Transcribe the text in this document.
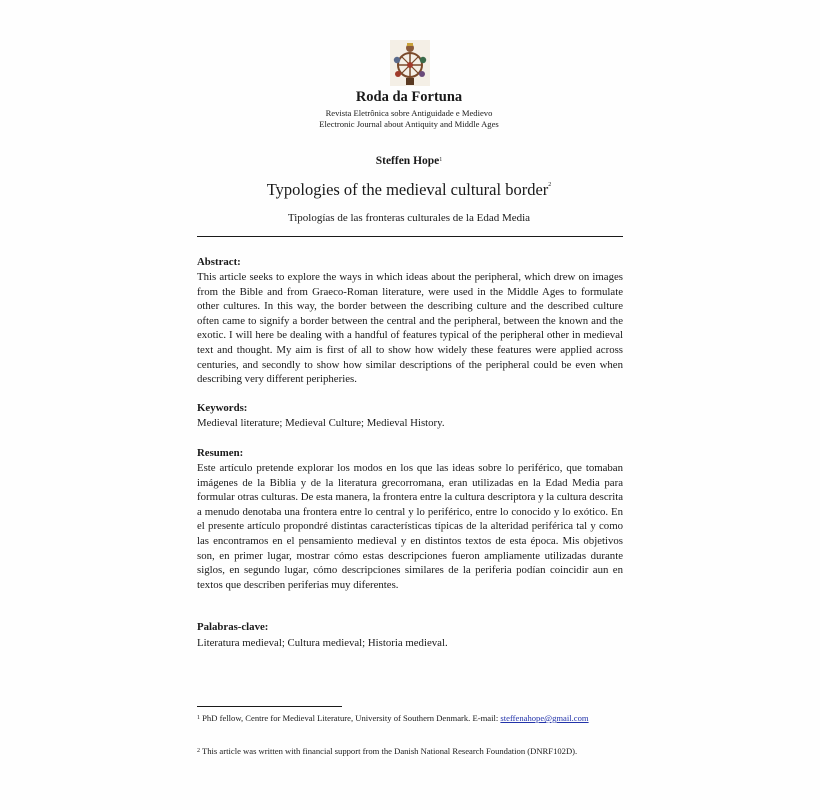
Roda da Fortuna
Revista Eletrônica sobre Antiguidade e Medievo
Electronic Journal about Antiquity and Middle Ages
Steffen Hope$^1$
Typologies of the medieval cultural border$^2$
Tipologías de las fronteras culturales de la Edad Media
Abstract:
This article seeks to explore the ways in which ideas about the peripheral, which drew on images from the Bible and from Graeco-Roman literature, were used in the Middle Ages to formulate other cultures. In this way, the border between the describing culture and the described culture often came to signify a border between the central and the peripheral, between the known and the exotic. I will here be dealing with a handful of features typical of the peripheral other in medieval text and thought. My aim is first of all to show how widely these features were applied across centuries, and secondly to show how similar descriptions of the peripheral could be even when describing very different peripheries.
Keywords:
Medieval literature; Medieval Culture; Medieval History.
Resumen:
Este artículo pretende explorar los modos en los que las ideas sobre lo periférico, que tomaban imágenes de la Biblia y de la literatura grecorromana, eran utilizadas en la Edad Media para formular otras culturas. De esta manera, la frontera entre la cultura descriptora y la cultura descrita a menudo denotaba una frontera entre lo central y lo periférico, entre lo conocido y lo exótico. En el presente artículo propondré distintas características típicas de la alteridad periférica tal y como las encontramos en el pensamiento medieval y en distintos textos de esta época. Mis objetivos son, en primer lugar, mostrar cómo estas descripciones fueron ampliamente utilizadas durante siglos, en segundo lugar, cómo descripciones similares de la periferia podían coincidir aun en textos que describen periferias muy diferentes.
Palabras-clave:
Literatura medieval; Cultura medieval; Historia medieval.
$^1$ PhD fellow, Centre for Medieval Literature, University of Southern Denmark. E-mail: steffenahope@gmail.com
$^2$ This article was written with financial support from the Danish National Research Foundation (DNRF102D).
